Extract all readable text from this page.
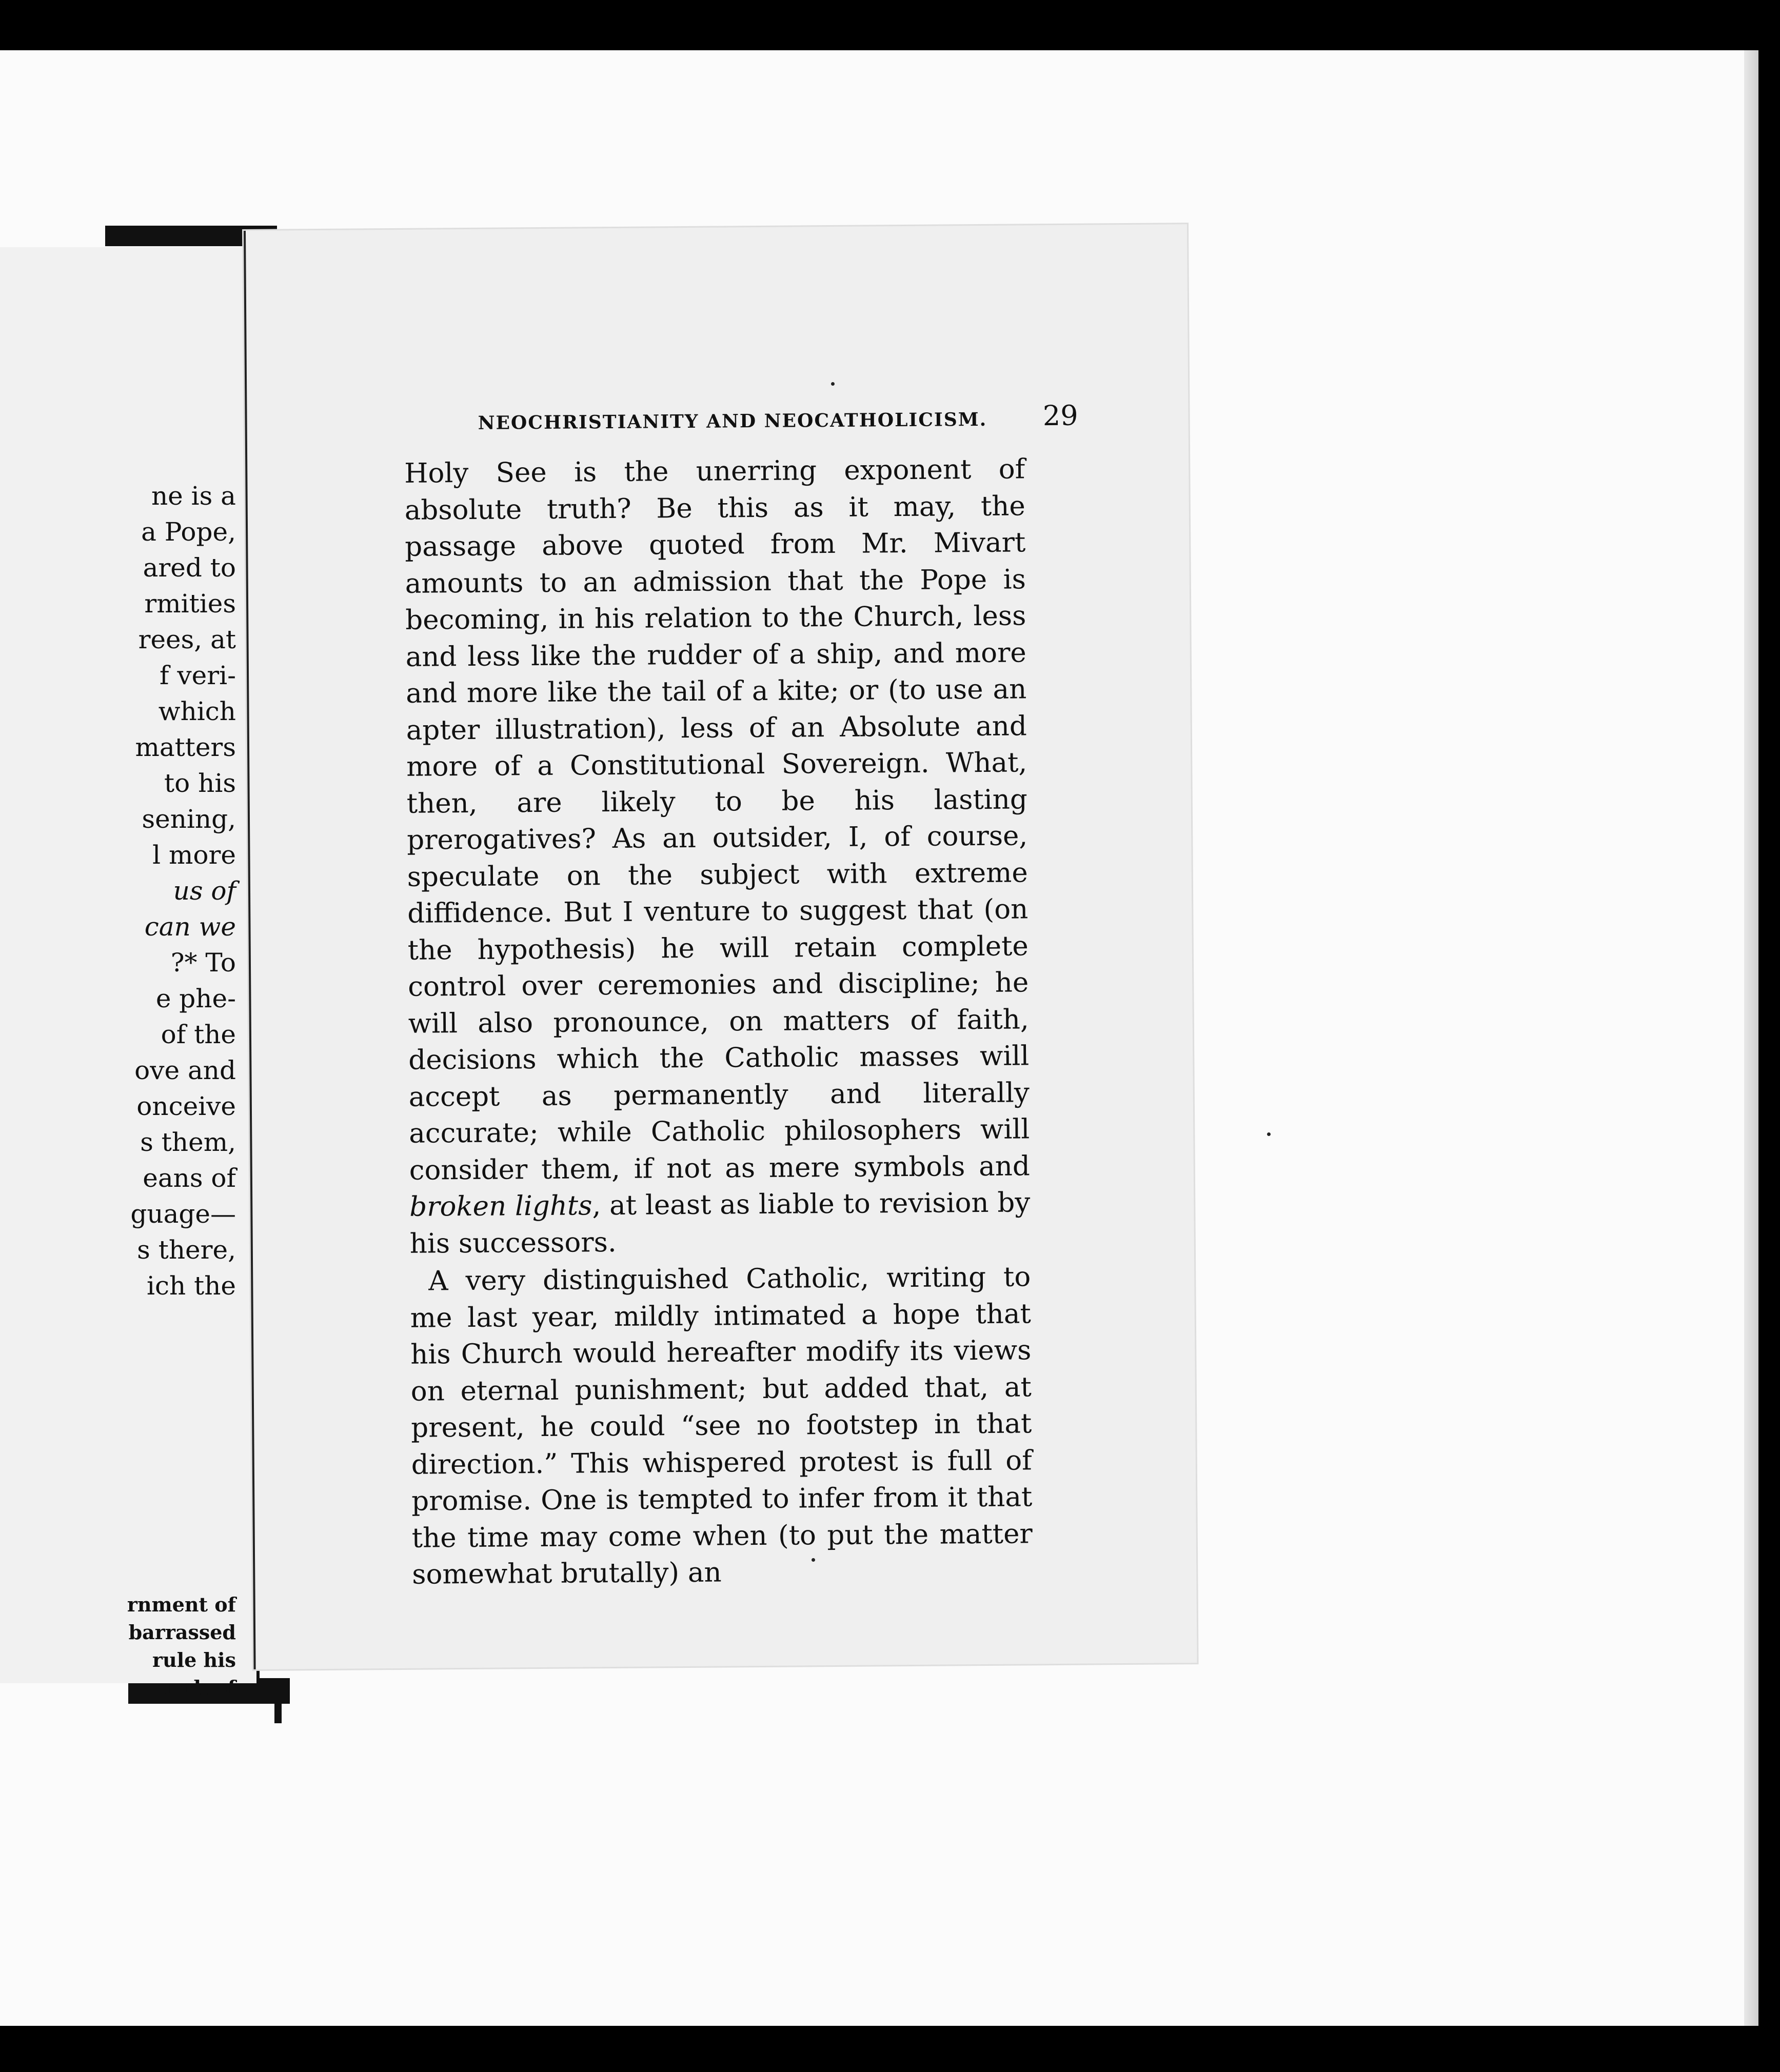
ne is a
a Pope,
ared to
rmities
rees, at
f veri-
which
matters
to his
sening,
l more
us of
can we
?* To
e phe-
of the
ove and
onceive
s them,
eans of
guage—
s there,
ich the
rnment of
barrassed
rule his
urch of
NEOCHRISTIANITY AND NEOCATHOLICISM. 29

Holy See is the unerring exponent of absolute truth? Be this as it may, the passage above quoted from Mr. Mivart amounts to an admission that the Pope is becoming, in his relation to the Church, less and less like the rudder of a ship, and more and more like the tail of a kite; or (to use an apter illustration), less of an Absolute and more of a Constitutional Sovereign. What, then, are likely to be his lasting prerogatives? As an outsider, I, of course, speculate on the subject with extreme diffidence. But I venture to suggest that (on the hypothesis) he will retain complete control over ceremonies and discipline; he will also pronounce, on matters of faith, decisions which the Catholic masses will accept as permanently and literally accurate; while Catholic philosophers will consider them, if not as mere symbols and broken lights, at least as liable to revision by his successors.

A very distinguished Catholic, writing to me last year, mildly intimated a hope that his Church would hereafter modify its views on eternal punishment; but added that, at present, he could “see no footstep in that direction.” This whispered protest is full of promise. One is tempted to infer from it that the time may come when (to put the matter somewhat brutally) an
